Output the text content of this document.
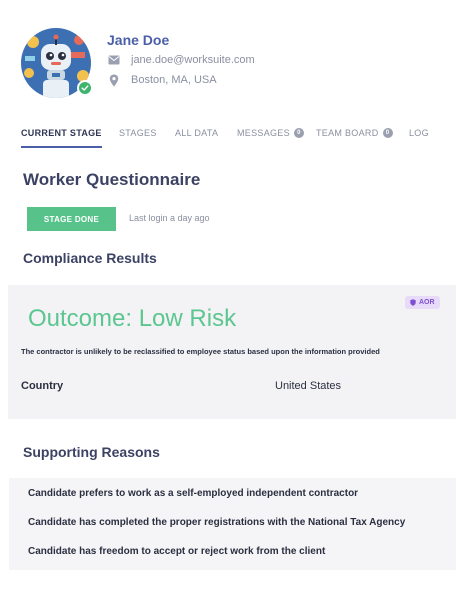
Jane Doe
jane.doe@worksuite.com
Boston, MA, USA
CURRENT STAGE STAGES ALL DATA MESSAGES	0	TEAM BOARD	0	LOG
Worker Questionnaire
STAGE DONE	Last login a day ago
Compliance Results
AOR
Outcome: Low Risk
The contractor is unlikely to be reclassified to employee status based upon the information provided
Country	United States
Supporting Reasons
Candidate prefers to work as a self-employed independent contractor
Candidate has completed the proper registrations with the National Tax Agency
Candidate has freedom to accept or reject work from the client
